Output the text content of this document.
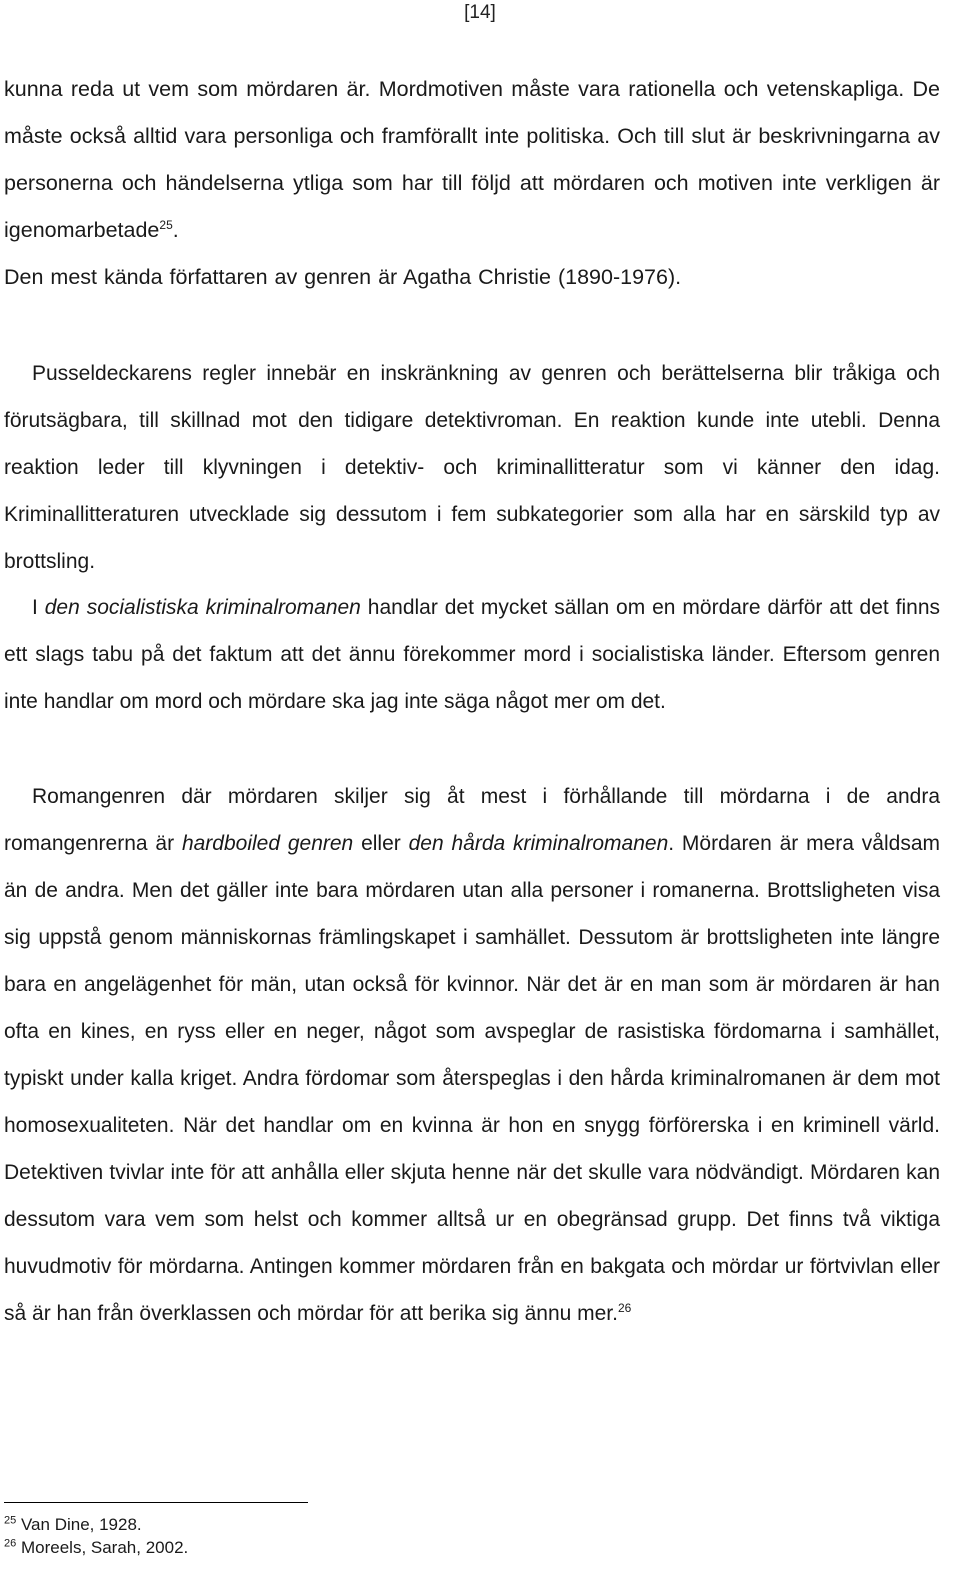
[14]

kunna reda ut vem som mördaren är. Mordmotiven måste vara rationella och vetenskapliga. De måste också alltid vara personliga och framförallt inte politiska. Och till slut är beskrivningarna av personerna och händelserna ytliga som har till följd att mördaren och motiven inte verkligen är igenomarbetade$^{25}$.
Den mest kända författaren av genren är Agatha Christie (1890-1976).

Pusseldeckarens regler innebär en inskränkning av genren och berättelserna blir tråkiga och förutsägbara, till skillnad mot den tidigare detektivroman. En reaktion kunde inte utebli. Denna reaktion leder till klyvningen i detektiv- och kriminallitteratur som vi känner den idag. Kriminallitteraturen utvecklade sig dessutom i fem subkategorier som alla har en särskild typ av brottsling.

I den socialistiska kriminalromanen handlar det mycket sällan om en mördare därför att det finns ett slags tabu på det faktum att det ännu förekommer mord i socialistiska länder. Eftersom genren inte handlar om mord och mördare ska jag inte säga något mer om det.

Romangenren där mördaren skiljer sig åt mest i förhållande till mördarna i de andra romangenrerna är hardboiled genren eller den hårda kriminalromanen. Mördaren är mera våldsam än de andra. Men det gäller inte bara mördaren utan alla personer i romanerna. Brottsligheten visa sig uppstå genom människornas främlingskapet i samhället. Dessutom är brottsligheten inte längre bara en angelägenhet för män, utan också för kvinnor. När det är en man som är mördaren är han ofta en kines, en ryss eller en neger, något som avspeglar de rasistiska fördomarna i samhället, typiskt under kalla kriget. Andra fördomar som återspeglas i den hårda kriminalromanen är dem mot homosexualiteten. När det handlar om en kvinna är hon en snygg förförerska i en kriminell värld. Detektiven tvivlar inte för att anhålla eller skjuta henne när det skulle vara nödvändigt. Mördaren kan dessutom vara vem som helst och kommer alltså ur en obegränsad grupp. Det finns två viktiga huvudmotiv för mördarna. Antingen kommer mördaren från en bakgata och mördar ur förtvivlan eller så är han från överklassen och mördar för att berika sig ännu mer.$^{26}$

$^{25}$ Van Dine, 1928.
$^{26}$ Moreels, Sarah, 2002.
